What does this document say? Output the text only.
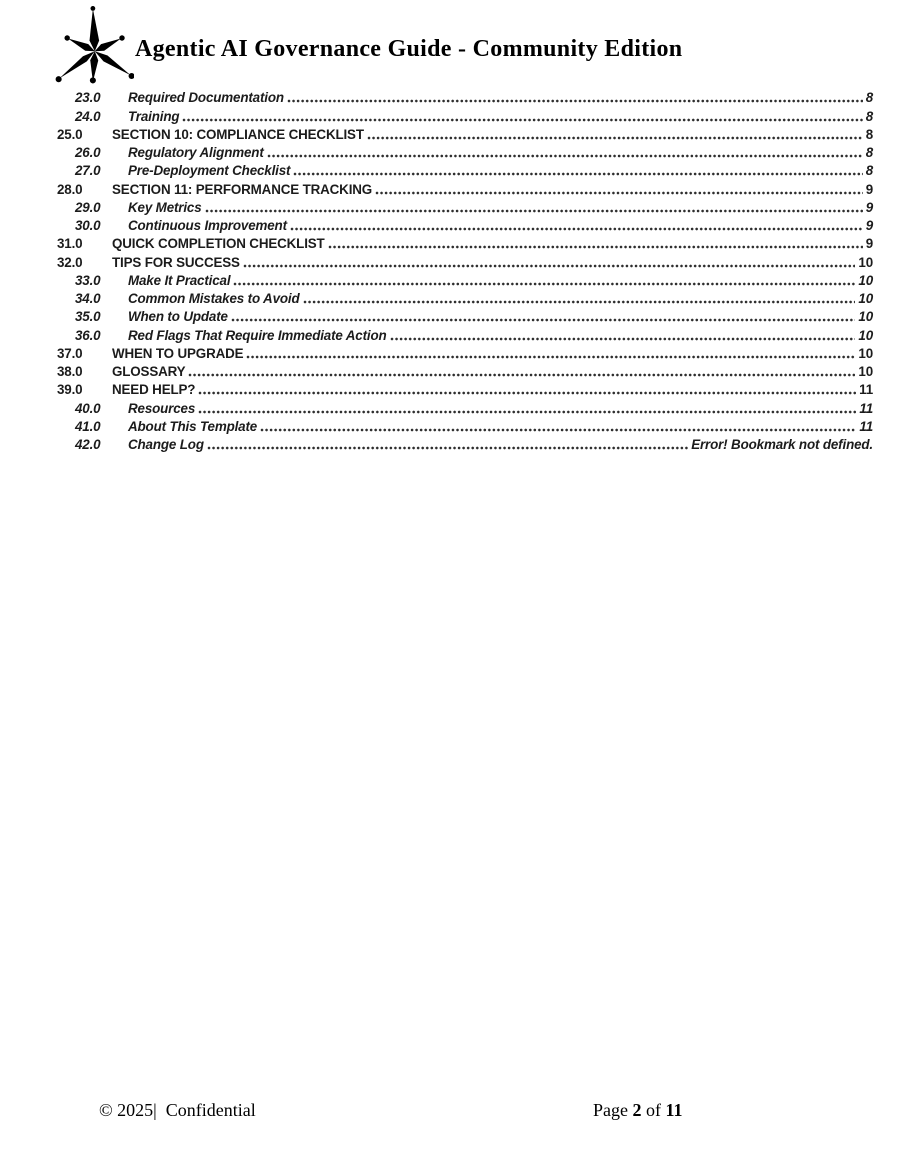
Agentic AI Governance Guide - Community Edition
23.0	Required Documentation	8
24.0	Training	8
25.0	SECTION 10: COMPLIANCE CHECKLIST	8
26.0	Regulatory Alignment	8
27.0	Pre-Deployment Checklist	8
28.0	SECTION 11: PERFORMANCE TRACKING	9
29.0	Key Metrics	9
30.0	Continuous Improvement	9
31.0	QUICK COMPLETION CHECKLIST	9
32.0	TIPS FOR SUCCESS	10
33.0	Make It Practical	10
34.0	Common Mistakes to Avoid	10
35.0	When to Update	10
36.0	Red Flags That Require Immediate Action	10
37.0	WHEN TO UPGRADE	10
38.0	GLOSSARY	10
39.0	NEED HELP?	11
40.0	Resources	11
41.0	About This Template	11
42.0	Change Log	Error! Bookmark not defined.
© 2025|  Confidential	Page 2 of 11
